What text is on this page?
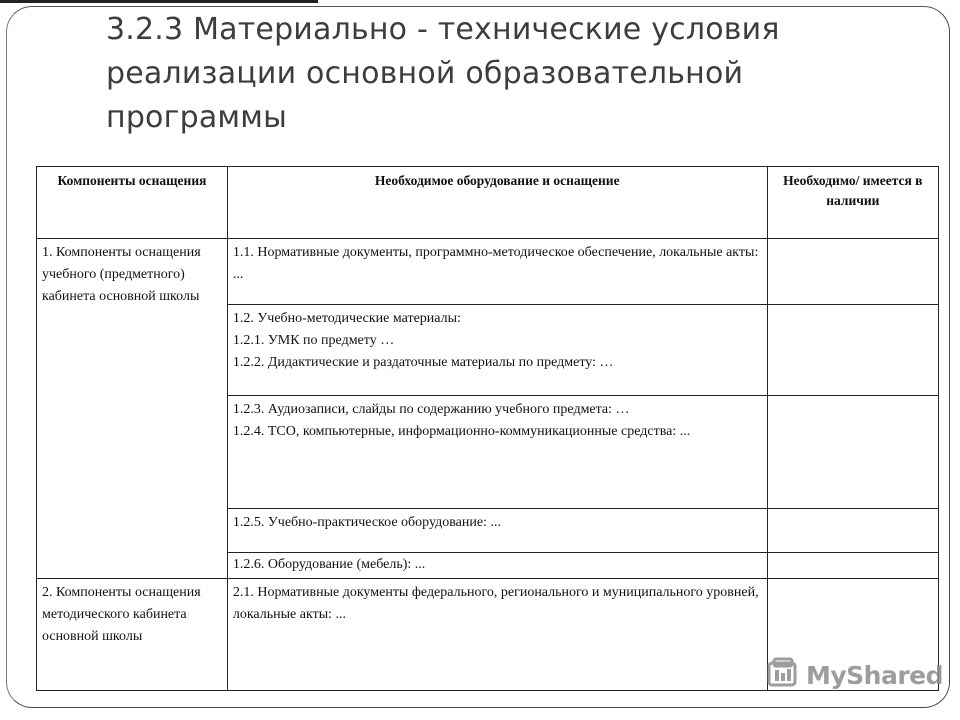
3.2.3 Материально - технические условия
реализации основной образовательной
программы
Компоненты оснащения	Необходимое оборудование и оснащение	Необходимо/ имеется в наличии
1. Компоненты оснащения учебного (предметного) кабинета основной школы	1.1. Нормативные документы, программно-методическое обеспечение, локальные акты: ...	

	1.2. Учебно-методические материалы:
1.2.1. УМК по предмету …
1.2.2. Дидактические и раздаточные материалы по предмету: …	

	1.2.3. Аудиозаписи, слайды по содержанию учебного предмета: …
1.2.4. ТСО, компьютерные, информационно-коммуникационные средства: ...	

	1.2.5. Учебно-практическое оборудование: ...	

	1.2.6. Оборудование (мебель): ...	

2. Компоненты оснащения методического кабинета основной школы	2.1. Нормативные документы федерального, регионального и муниципального уровней, локальные акты: ...	

MyShared
